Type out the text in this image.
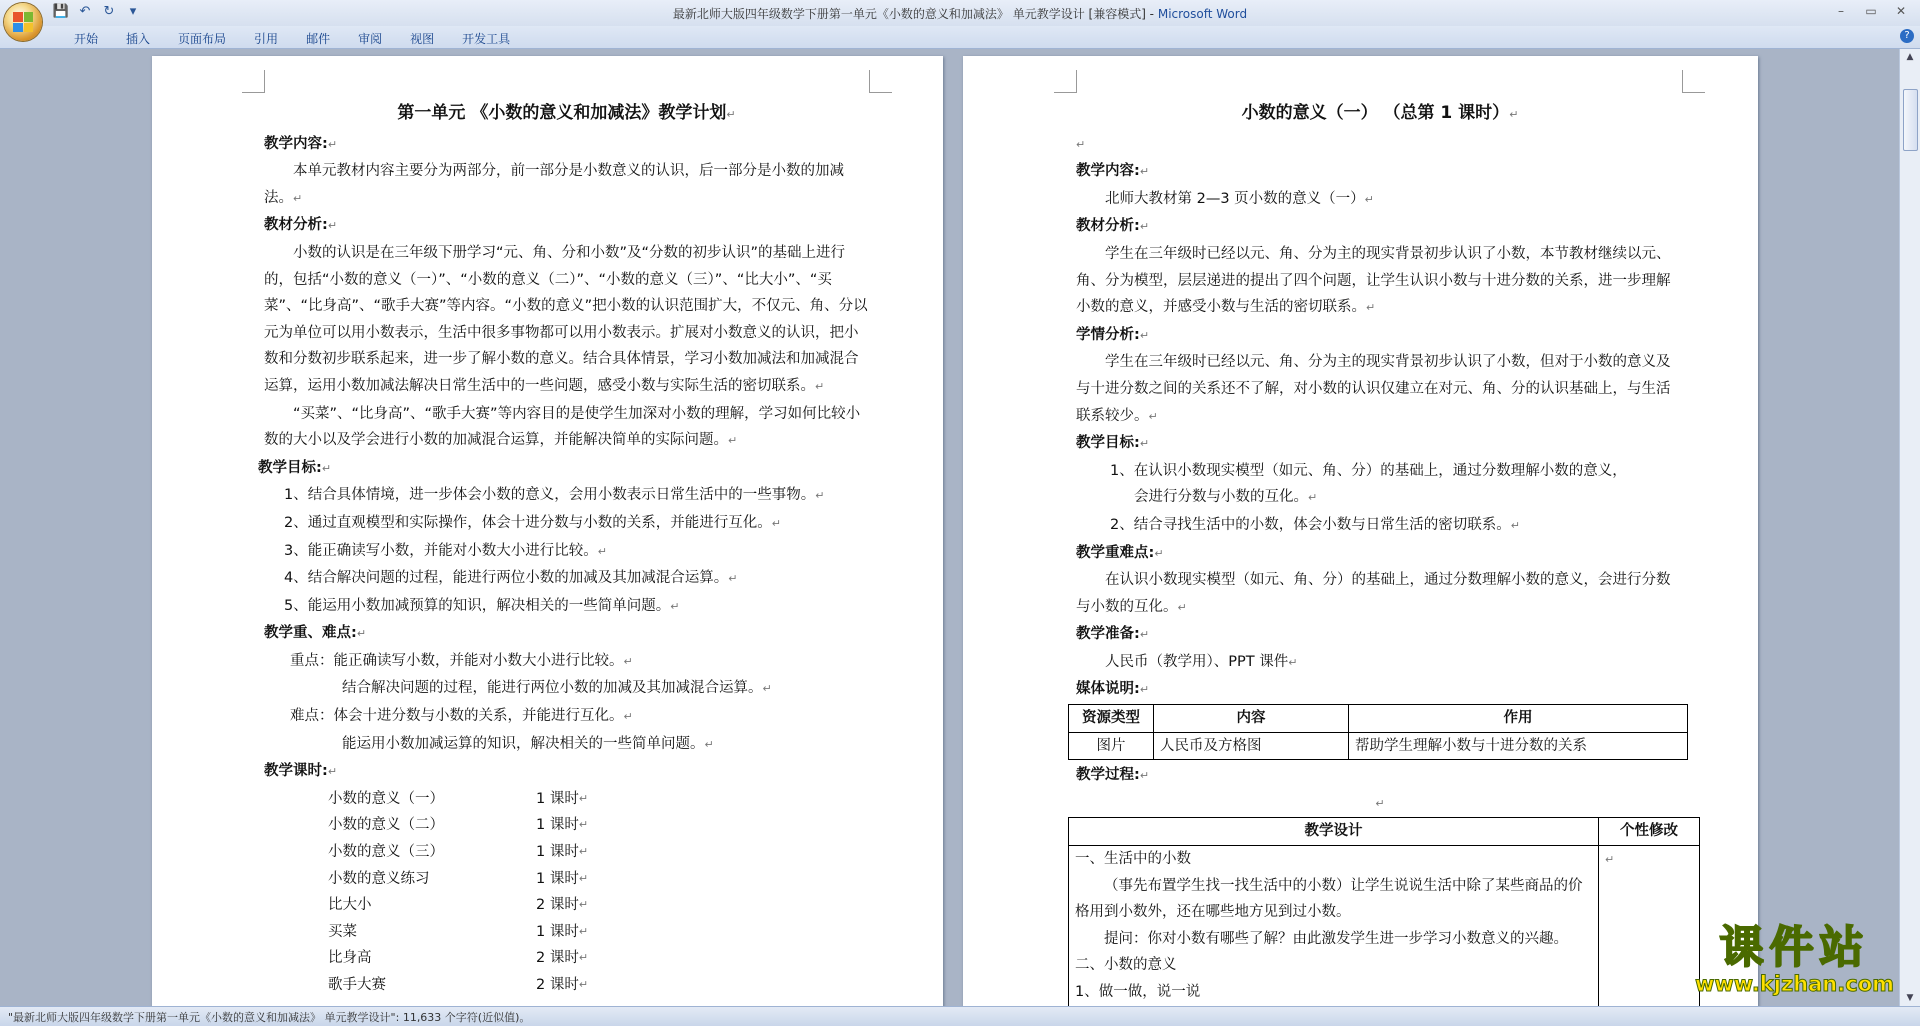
💾 ↶ ↻	▾	最新北师大版四年级数学下册第一单元《小数的意义和加减法》 单元教学设计 [兼容模式] - Microsoft Word	–	▭	✕
开始	插入	页面布局	引用	邮件	审阅	视图	开发工具	?

第一单元 《小数的意义和加减法》教学计划↵

教学内容:↵

本单元教材内容主要分为两部分，前一部分是小数意义的认识，后一部分是小数的加减法。↵

教材分析:↵

小数的认识是在三年级下册学习“元、角、分和小数”及“分数的初步认识”的基础上进行的，包括“小数的意义（一）”、“小数的意义（二）”、“小数的意义（三）”、“比大小”、“买菜”、“比身高”、“歌手大赛”等内容。“小数的意义”把小数的认识范围扩大，不仅元、角、分以元为单位可以用小数表示，生活中很多事物都可以用小数表示。扩展对小数意义的认识，把小数和分数初步联系起来，进一步了解小数的意义。结合具体情景，学习小数加减法和加减混合运算，运用小数加减法解决日常生活中的一些问题，感受小数与实际生活的密切联系。↵

“买菜”、“比身高”、“歌手大赛”等内容目的是使学生加深对小数的理解，学习如何比较小数的大小以及学会进行小数的加减混合运算，并能解决简单的实际问题。↵

教学目标:↵

1、结合具体情境，进一步体会小数的意义，会用小数表示日常生活中的一些事物。↵

2、通过直观模型和实际操作，体会十进分数与小数的关系，并能进行互化。↵

3、能正确读写小数，并能对小数大小进行比较。↵

4、结合解决问题的过程，能进行两位小数的加减及其加减混合运算。↵

5、能运用小数加减预算的知识，解决相关的一些简单问题。↵

教学重、难点:↵

重点：能正确读写小数，并能对小数大小进行比较。↵

结合解决问题的过程，能进行两位小数的加减及其加减混合运算。↵

难点：体会十进分数与小数的关系，并能进行互化。↵

能运用小数加减运算的知识，解决相关的一些简单问题。↵

教学课时:↵

小数的意义（一）	1 课时 ↵

小数的意义（二）	1 课时 ↵

小数的意义（三）	1 课时 ↵

小数的意义练习	1 课时 ↵

比大小	2 课时 ↵

买菜	1 课时 ↵

比身高	2 课时 ↵

歌手大赛	2 课时 ↵

小数的意义（一） （总第 1 课时）↵

↵

教学内容:↵

北师大教材第 2—3 页小数的意义（一）↵

教材分析:↵

学生在三年级时已经以元、角、分为主的现实背景初步认识了小数，本节教材继续以元、角、分为模型，层层递进的提出了四个问题，让学生认识小数与十进分数的关系，进一步理解小数的意义，并感受小数与生活的密切联系。↵

学情分析:↵

学生在三年级时已经以元、角、分为主的现实背景初步认识了小数，但对于小数的意义及与十进分数之间的关系还不了解，对小数的认识仅建立在对元、角、分的认识基础上，与生活联系较少。↵

教学目标:↵

1、在认识小数现实模型（如元、角、分）的基础上，通过分数理解小数的意义，

会进行分数与小数的互化。↵

2、结合寻找生活中的小数，体会小数与日常生活的密切联系。↵

教学重难点:↵

在认识小数现实模型（如元、角、分）的基础上，通过分数理解小数的意义，会进行分数与小数的互化。↵

教学准备:↵

人民币（教学用）、PPT 课件↵

媒体说明:↵

资源类型	内容	作用
图片	人民币及方格图	帮助学生理解小数与十进分数的关系

教学过程:↵

↵

教学设计	个性修改

一、生活中的小数

（事先布置学生找一找生活中的小数）让学生说说生活中除了某些商品的价格用到小数外，还在哪些地方见到过小数。

提问：你对小数有哪些了解？由此激发学生进一步学习小数意义的兴趣。

二、小数的意义

1、做一做，说一说	↵
▲
▼
课件站
www.kjzhan.com
"最新北师大版四年级数学下册第一单元《小数的意义和加减法》 单元教学设计": 11,633 个字符(近似值)。
